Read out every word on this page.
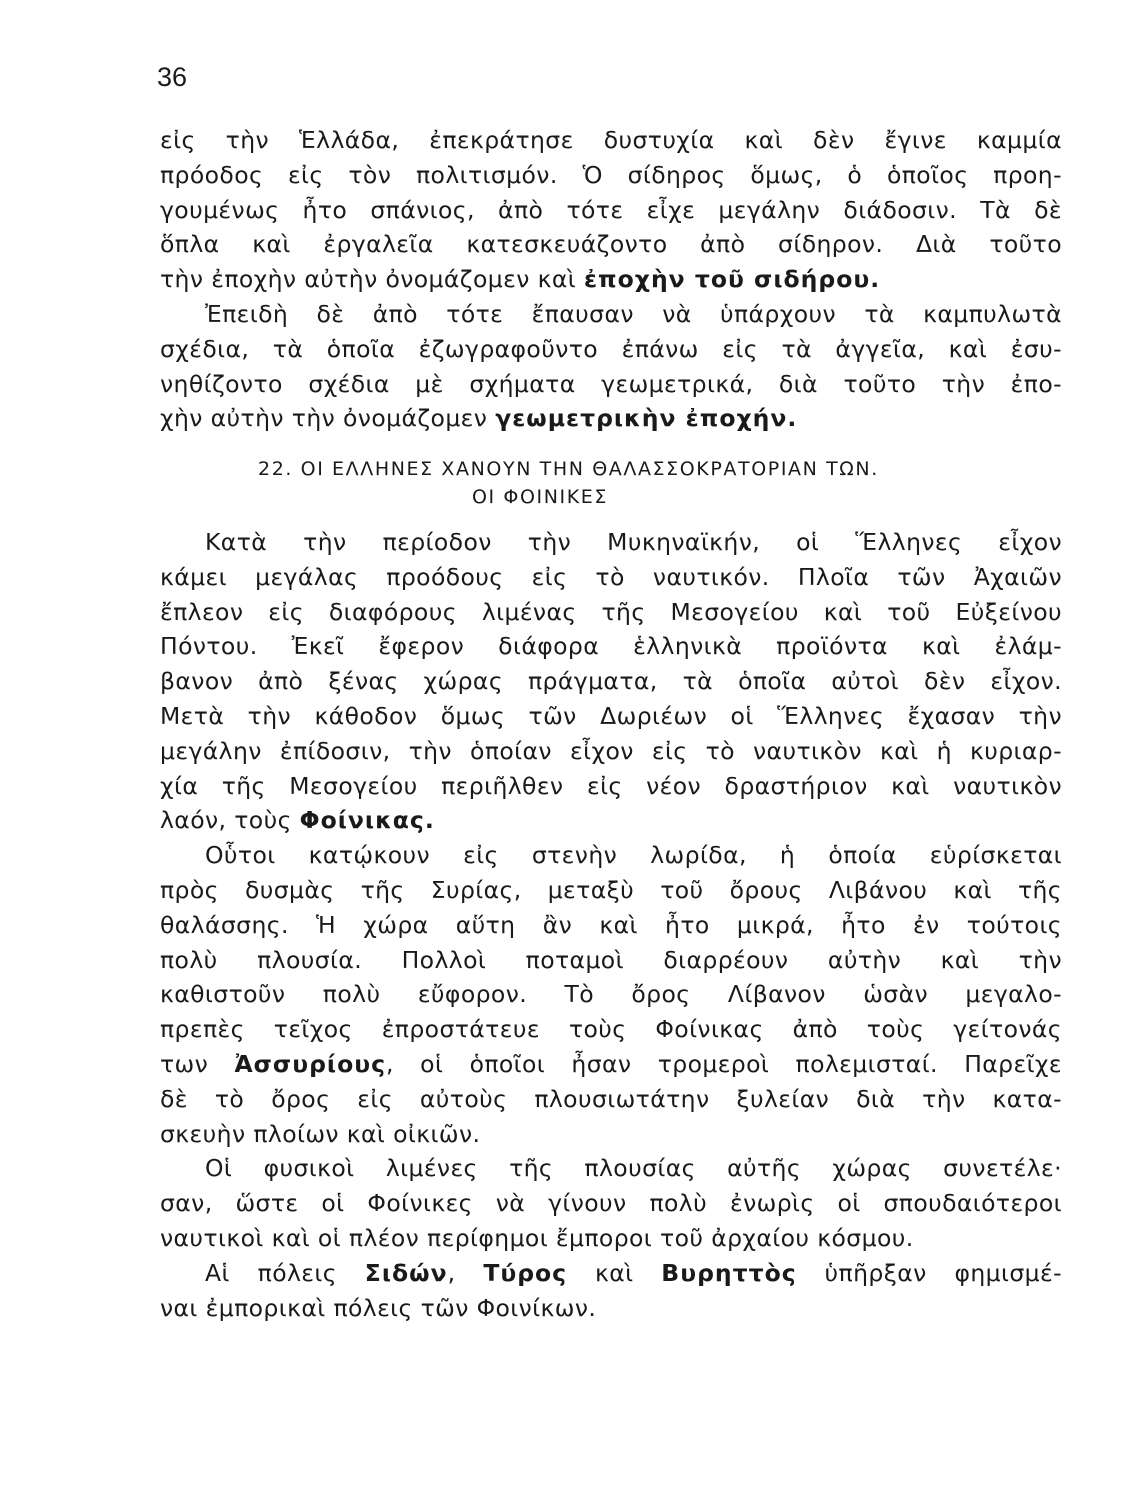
36
εἰς τὴν Ἑλλάδα, ἐπεκράτησε δυστυχία καὶ δὲν ἔγινε καμμία
πρόοδος εἰς τὸν πολιτισμόν. Ὁ σίδηρος ὅμως, ὁ ὁποῖος προη-
γουμένως ἦτο σπάνιος, ἀπὸ τότε εἶχε μεγάλην διάδοσιν. Τὰ δὲ
ὅπλα καὶ ἐργαλεῖα κατεσκευάζοντο ἀπὸ σίδηρον. Διὰ τοῦτο
τὴν ἐποχὴν αὐτὴν ὀνομάζομεν καὶ ἐποχὴν τοῦ σιδήρου.
Ἐπειδὴ δὲ ἀπὸ τότε ἔπαυσαν νὰ ὑπάρχουν τὰ καμπυλωτὰ
σχέδια, τὰ ὁποῖα ἐζωγραφοῦντο ἐπάνω εἰς τὰ ἀγγεῖα, καὶ ἐσυ-
νηθίζοντο σχέδια μὲ σχήματα γεωμετρικά, διὰ τοῦτο τὴν ἐπο-
χὴν αὐτὴν τὴν ὀνομάζομεν γεωμετρικὴν ἐποχήν.
22. ΟΙ ΕΛΛΗΝΕΣ ΧΑΝΟΥΝ ΤΗΝ ΘΑΛΑΣΣΟΚΡΑΤΟΡΙΑΝ ΤΩΝ.
ΟΙ ΦΟΙΝΙΚΕΣ
Κατὰ τὴν περίοδον τὴν Μυκηναϊκήν, οἱ Ἕλληνες εἶχον
κάμει μεγάλας προόδους εἰς τὸ ναυτικόν. Πλοῖα τῶν Ἀχαιῶν
ἔπλεον εἰς διαφόρους λιμένας τῆς Μεσογείου καὶ τοῦ Εὐξείνου
Πόντου. Ἐκεῖ ἔφερον διάφορα ἑλληνικὰ προϊόντα καὶ ἐλάμ-
βανον ἀπὸ ξένας χώρας πράγματα, τὰ ὁποῖα αὐτοὶ δὲν εἶχον.
Μετὰ τὴν κάθοδον ὅμως τῶν Δωριέων οἱ Ἕλληνες ἔχασαν τὴν
μεγάλην ἐπίδοσιν, τὴν ὁποίαν εἶχον εἰς τὸ ναυτικὸν καὶ ἡ κυριαρ-
χία τῆς Μεσογείου περιῆλθεν εἰς νέον δραστήριον καὶ ναυτικὸν
λαόν, τοὺς Φοίνικας.
Οὗτοι κατῴκουν εἰς στενὴν λωρίδα, ἡ ὁποία εὑρίσκεται
πρὸς δυσμὰς τῆς Συρίας, μεταξὺ τοῦ ὄρους Λιβάνου καὶ τῆς
θαλάσσης. Ἡ χώρα αὕτη ἂν καὶ ἦτο μικρά, ἦτο ἐν τούτοις
πολὺ πλουσία. Πολλοὶ ποταμοὶ διαρρέουν αὐτὴν καὶ τὴν
καθιστοῦν πολὺ εὔφορον. Τὸ ὄρος Λίβανον ὡσὰν μεγαλο-
πρεπὲς τεῖχος ἐπροστάτευε τοὺς Φοίνικας ἀπὸ τοὺς γείτονάς
των Ἀσσυρίους, οἱ ὁποῖοι ἦσαν τρομεροὶ πολεμισταί. Παρεῖχε
δὲ τὸ ὄρος εἰς αὐτοὺς πλουσιωτάτην ξυλείαν διὰ τὴν κατα-
σκευὴν πλοίων καὶ οἰκιῶν.
Οἱ φυσικοὶ λιμένες τῆς πλουσίας αὐτῆς χώρας συνετέλε·
σαν, ὥστε οἱ Φοίνικες νὰ γίνουν πολὺ ἐνωρὶς οἱ σπουδαιότεροι
ναυτικοὶ καὶ οἱ πλέον περίφημοι ἔμποροι τοῦ ἀρχαίου κόσμου.
Αἱ πόλεις Σιδών, Τύρος καὶ Βυρηττὸς ὑπῆρξαν φημισμέ-
ναι ἐμπορικαὶ πόλεις τῶν Φοινίκων.
